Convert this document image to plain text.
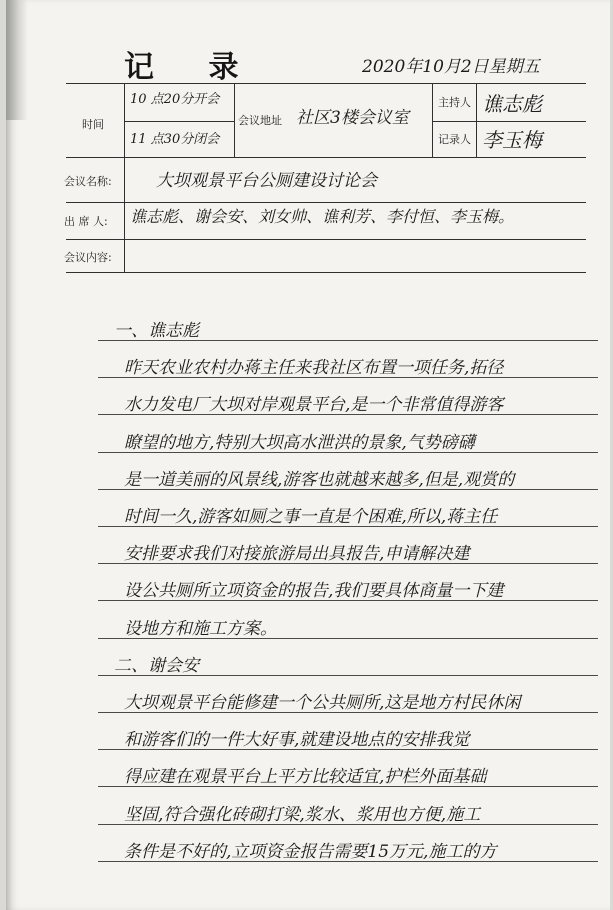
记 录	2020年10月2日星期五
时间
10 点20分开会
11 点30分闭会
会议地址 社区3楼会议室
主持人 谯志彪
记录人 李玉梅
会议名称:	大坝观景平台公厕建设讨论会
出 席 人: 谯志彪、谢会安、刘女帅、谯利芳、李付恒、李玉梅。
会议内容:
一、谯志彪
昨天农业农村办蒋主任来我社区布置一项任务,拓径
水力发电厂大坝对岸观景平台,是一个非常值得游客
瞭望的地方,特别大坝高水泄洪的景象,气势磅礴
是一道美丽的风景线,游客也就越来越多,但是,观赏的
时间一久,游客如厕之事一直是个困难,所以,蒋主任
安排要求我们对接旅游局出具报告,申请解决建
设公共厕所立项资金的报告,我们要具体商量一下建
设地方和施工方案。
二、谢会安
大坝观景平台能修建一个公共厕所,这是地方村民休闲
和游客们的一件大好事,就建设地点的安排我觉
得应建在观景平台上平方比较适宜,护栏外面基础
坚固,符合强化砖砌打梁,浆水、浆用也方便,施工
条件是不好的,立项资金报告需要15万元,施工的方
